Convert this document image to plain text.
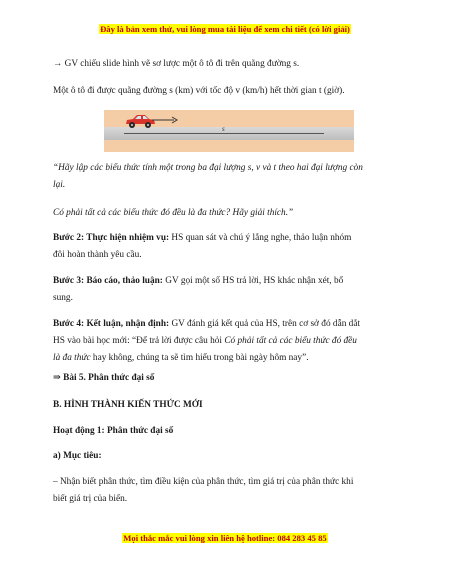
Đây là bản xem thử, vui lòng mua tài liệu để xem chi tiết (có lời giải)

→ GV chiếu slide hình vẽ sơ lược một ô tô đi trên quãng đường s.

Một ô tô đi được quãng đường s (km) với tốc độ v (km/h) hết thời gian t (giờ).

s

“Hãy lập các biểu thức tính một trong ba đại lượng s, v và t theo hai đại lượng còn
lại.

Có phải tất cả các biểu thức đó đều là đa thức? Hãy giải thích.”

Bước 2: Thực hiện nhiệm vụ: HS quan sát và chú ý lắng nghe, thảo luận nhóm
đôi hoàn thành yêu cầu.

Bước 3: Báo cáo, thảo luận: GV gọi một số HS trả lời, HS khác nhận xét, bổ
sung.

Bước 4: Kết luận, nhận định: GV đánh giá kết quả của HS, trên cơ sở đó dẫn dắt
HS vào bài học mới: “Để trả lời được câu hỏi Có phải tất cả các biểu thức đó đều
là đa thức hay không, chúng ta sẽ tìm hiểu trong bài ngày hôm nay”.

⇒ Bài 5. Phân thức đại số

B. HÌNH THÀNH KIẾN THỨC MỚI

Hoạt động 1: Phân thức đại số

a) Mục tiêu:

– Nhận biết phân thức, tìm điều kiện của phân thức, tìm giá trị của phân thức khi
biết giá trị của biến.

Mọi thắc mắc vui lòng xin liên hệ hotline: 084 283 45 85
